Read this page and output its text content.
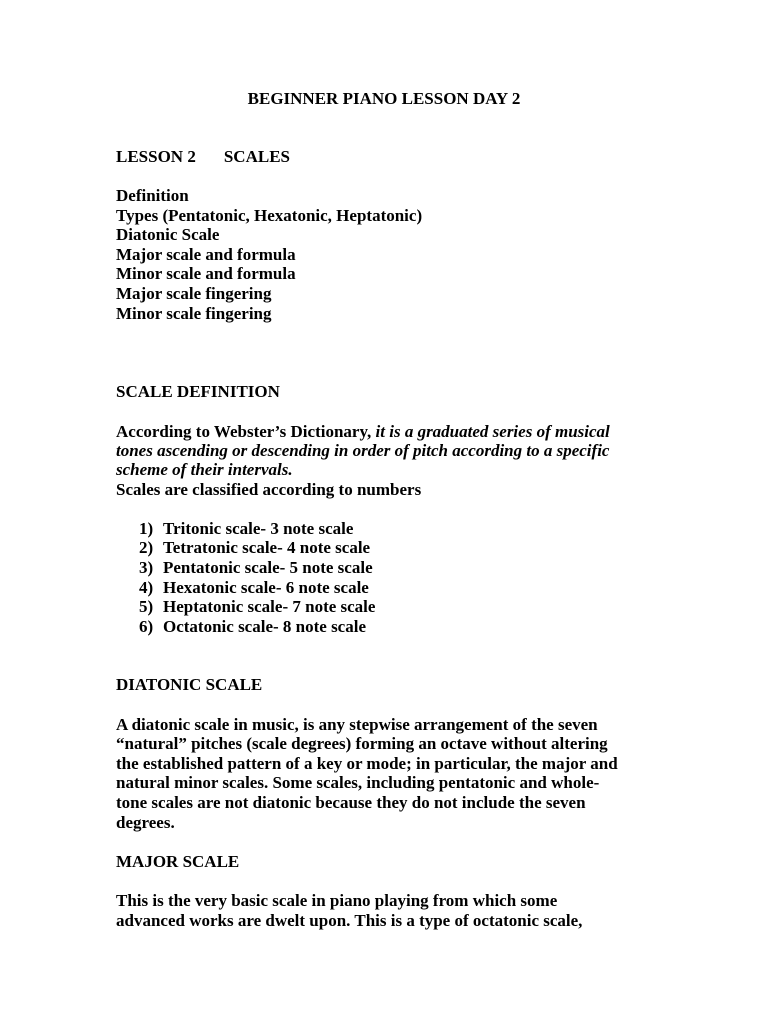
BEGINNER PIANO LESSON DAY 2
LESSON 2 SCALES
Definition
Types (Pentatonic, Hexatonic, Heptatonic)
Diatonic Scale
Major scale and formula
Minor scale and formula
Major scale fingering
Minor scale fingering
SCALE DEFINITION
According to Webster’s Dictionary, it is a graduated series of musical
tones ascending or descending in order of pitch according to a specific
scheme of their intervals.
Scales are classified according to numbers
1) Tritonic scale- 3 note scale
2) Tetratonic scale- 4 note scale
3) Pentatonic scale- 5 note scale
4) Hexatonic scale- 6 note scale
5) Heptatonic scale- 7 note scale
6) Octatonic scale- 8 note scale
DIATONIC SCALE
A diatonic scale in music, is any stepwise arrangement of the seven
“natural” pitches (scale degrees) forming an octave without altering
the established pattern of a key or mode; in particular, the major and
natural minor scales. Some scales, including pentatonic and whole-
tone scales are not diatonic because they do not include the seven
degrees.
MAJOR SCALE
This is the very basic scale in piano playing from which some
advanced works are dwelt upon. This is a type of octatonic scale,
